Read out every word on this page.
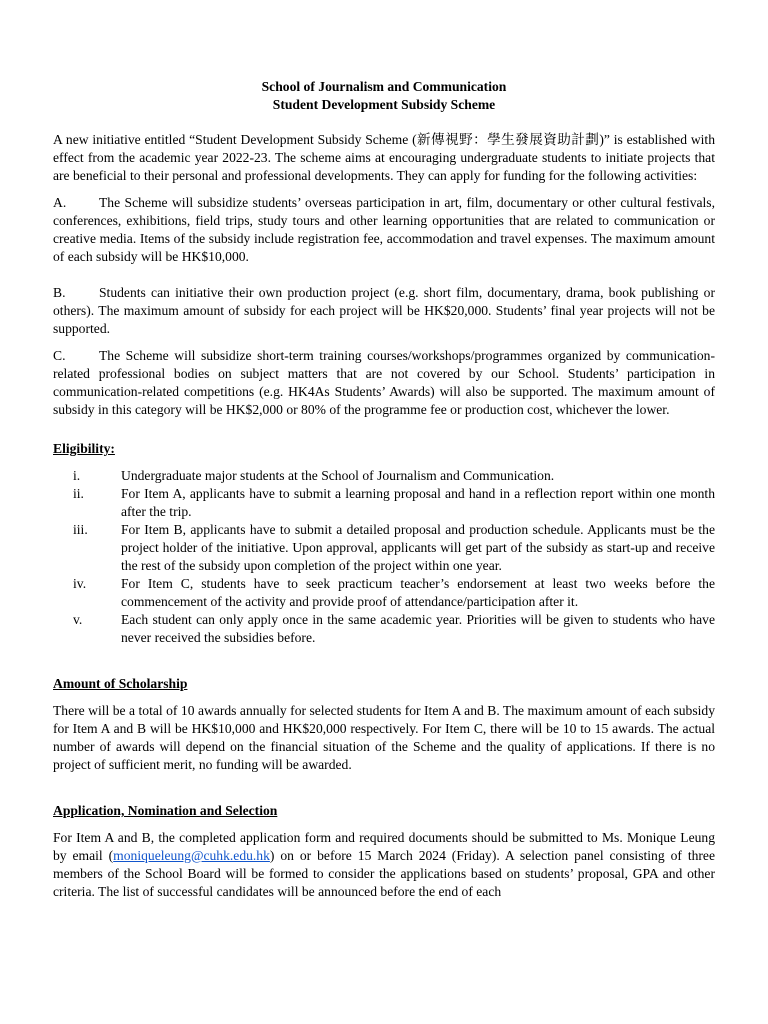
School of Journalism and Communication

Student Development Subsidy Scheme

A new initiative entitled “Student Development Subsidy Scheme (新傳視野：學生發展資助計劃)” is established with effect from the academic year 2022-23. The scheme aims at encouraging undergraduate students to initiate projects that are beneficial to their personal and professional developments. They can apply for funding for the following activities:

A. The Scheme will subsidize students’ overseas participation in art, film, documentary or other cultural festivals, conferences, exhibitions, field trips, study tours and other learning opportunities that are related to communication or creative media. Items of the subsidy include registration fee, accommodation and travel expenses. The maximum amount of each subsidy will be HK$10,000.

B. Students can initiative their own production project (e.g. short film, documentary, drama, book publishing or others). The maximum amount of subsidy for each project will be HK$20,000. Students’ final year projects will not be supported.

C. The Scheme will subsidize short-term training courses/workshops/programmes organized by communication-related professional bodies on subject matters that are not covered by our School. Students’ participation in communication-related competitions (e.g. HK4As Students’ Awards) will also be supported. The maximum amount of subsidy in this category will be HK$2,000 or 80% of the programme fee or production cost, whichever the lower.

Eligibility:

i.	Undergraduate major students at the School of Journalism and Communication.
ii.	For Item A, applicants have to submit a learning proposal and hand in a reflection report within one month after the trip.
iii.	For Item B, applicants have to submit a detailed proposal and production schedule. Applicants must be the project holder of the initiative. Upon approval, applicants will get part of the subsidy as start-up and receive the rest of the subsidy upon completion of the project within one year.
iv.	For Item C, students have to seek practicum teacher’s endorsement at least two weeks before the commencement of the activity and provide proof of attendance/participation after it.
v.	Each student can only apply once in the same academic year. Priorities will be given to students who have never received the subsidies before.

Amount of Scholarship

There will be a total of 10 awards annually for selected students for Item A and B. The maximum amount of each subsidy for Item A and B will be HK$10,000 and HK$20,000 respectively. For Item C, there will be 10 to 15 awards. The actual number of awards will depend on the financial situation of the Scheme and the quality of applications. If there is no project of sufficient merit, no funding will be awarded.

Application, Nomination and Selection

For Item A and B, the completed application form and required documents should be submitted to Ms. Monique Leung by email (moniqueleung@cuhk.edu.hk) on or before 15 March 2024 (Friday). A selection panel consisting of three members of the School Board will be formed to consider the applications based on students’ proposal, GPA and other criteria. The list of successful candidates will be announced before the end of each
